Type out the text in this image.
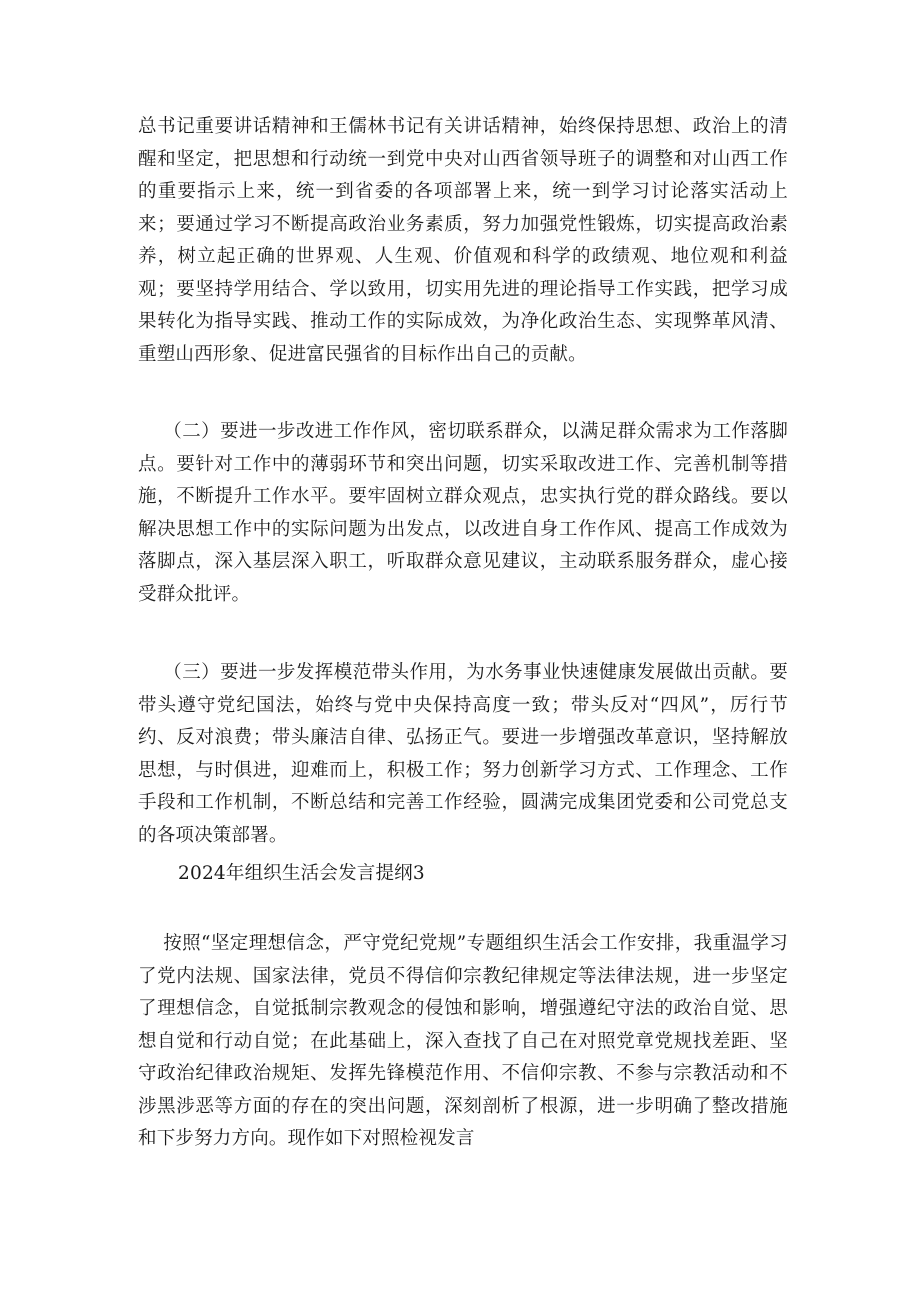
总书记重要讲话精神和王儒林书记有关讲话精神，始终保持思想、政治上的清醒和坚定，把思想和行动统一到党中央对山西省领导班子的调整和对山西工作的重要指示上来，统一到省委的各项部署上来，统一到学习讨论落实活动上来；要通过学习不断提高政治业务素质，努力加强党性锻炼，切实提高政治素养，树立起正确的世界观、人生观、价值观和科学的政绩观、地位观和利益观；要坚持学用结合、学以致用，切实用先进的理论指导工作实践，把学习成果转化为指导实践、推动工作的实际成效，为净化政治生态、实现弊革风清、重塑山西形象、促进富民强省的目标作出自己的贡献。

（二）要进一步改进工作作风，密切联系群众，以满足群众需求为工作落脚点。要针对工作中的薄弱环节和突出问题，切实采取改进工作、完善机制等措施，不断提升工作水平。要牢固树立群众观点，忠实执行党的群众路线。要以解决思想工作中的实际问题为出发点，以改进自身工作作风、提高工作成效为落脚点，深入基层深入职工，听取群众意见建议，主动联系服务群众，虚心接受群众批评。

（三）要进一步发挥模范带头作用，为水务事业快速健康发展做出贡献。要带头遵守党纪国法，始终与党中央保持高度一致；带头反对“四风”，厉行节约、反对浪费；带头廉洁自律、弘扬正气。要进一步增强改革意识，坚持解放思想，与时俱进，迎难而上，积极工作；努力创新学习方式、工作理念、工作手段和工作机制，不断总结和完善工作经验，圆满完成集团党委和公司党总支的各项决策部署。

2024年组织生活会发言提纲3

按照“坚定理想信念，严守党纪党规”专题组织生活会工作安排，我重温学习了党内法规、国家法律，党员不得信仰宗教纪律规定等法律法规，进一步坚定了理想信念，自觉抵制宗教观念的侵蚀和影响，增强遵纪守法的政治自觉、思想自觉和行动自觉；在此基础上，深入查找了自己在对照党章党规找差距、坚守政治纪律政治规矩、发挥先锋模范作用、不信仰宗教、不参与宗教活动和不涉黑涉恶等方面的存在的突出问题，深刻剖析了根源，进一步明确了整改措施和下步努力方向。现作如下对照检视发言
